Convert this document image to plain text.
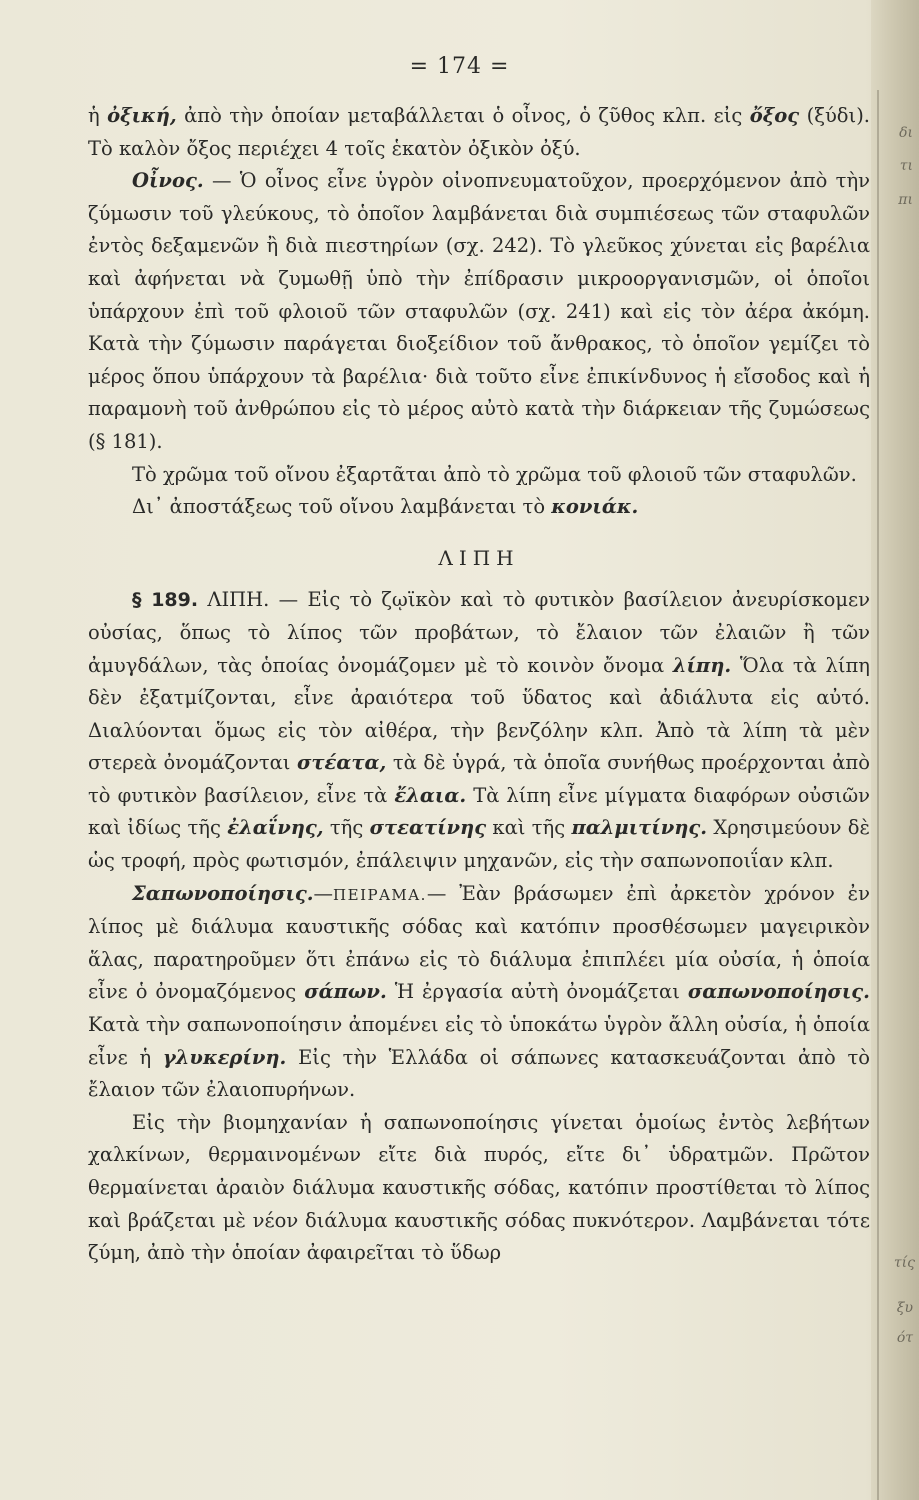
δι
τι
πι
τίς
ξυ
ότ
= 174 =

ἡ ὀξική, ἀπὸ τὴν ὁποίαν μεταβάλλεται ὁ οἶνος, ὁ ζῦθος κλπ. εἰς ὄξος (ξύδι). Τὸ καλὸν ὄξος περιέχει 4 τοῖς ἑκατὸν ὀξικὸν ὀξύ.

Οἶνος. — Ὁ οἶνος εἶνε ὑγρὸν οἰνοπνευματοῦχον, προερχόμενον ἀπὸ τὴν ζύμωσιν τοῦ γλεύκους, τὸ ὁποῖον λαμβάνεται διὰ συμπιέσεως τῶν σταφυλῶν ἐντὸς δεξαμενῶν ἢ διὰ πιεστηρίων (σχ. 242). Τὸ γλεῦκος χύνεται εἰς βαρέλια καὶ ἀφήνεται νὰ ζυμωθῇ ὑπὸ τὴν ἐπίδρασιν μικροοργανισμῶν, οἱ ὁποῖοι ὑπάρχουν ἐπὶ τοῦ φλοιοῦ τῶν σταφυλῶν (σχ. 241) καὶ εἰς τὸν ἀέρα ἀκόμη. Κατὰ τὴν ζύμωσιν παράγεται διοξείδιον τοῦ ἄνθρακος, τὸ ὁποῖον γεμίζει τὸ μέρος ὅπου ὑπάρχουν τὰ βαρέλια· διὰ τοῦτο εἶνε ἐπικίνδυνος ἡ εἴσοδος καὶ ἡ παραμονὴ τοῦ ἀνθρώπου εἰς τὸ μέρος αὐτὸ κατὰ τὴν διάρκειαν τῆς ζυμώσεως (§ 181).

Τὸ χρῶμα τοῦ οἴνου ἐξαρτᾶται ἀπὸ τὸ χρῶμα τοῦ φλοιοῦ τῶν σταφυλῶν.

Δι᾿ ἀποστάξεως τοῦ οἴνου λαμβάνεται τὸ κονιάκ.

ΛΙΠΗ

§ 189. ΛΙΠΗ. — Εἰς τὸ ζῳϊκὸν καὶ τὸ φυτικὸν βασίλειον ἀνευρίσκομεν οὐσίας, ὅπως τὸ λίπος τῶν προβάτων, τὸ ἔλαιον τῶν ἐλαιῶν ἢ τῶν ἀμυγδάλων, τὰς ὁποίας ὀνομάζομεν μὲ τὸ κοινὸν ὄνομα λίπη. Ὅλα τὰ λίπη δὲν ἐξατμίζονται, εἶνε ἀραιότερα τοῦ ὕδατος καὶ ἀδιάλυτα εἰς αὐτό. Διαλύονται ὅμως εἰς τὸν αἰθέρα, τὴν βενζόλην κλπ. Ἀπὸ τὰ λίπη τὰ μὲν στερεὰ ὀνομάζονται στέατα, τὰ δὲ ὑγρά, τὰ ὁποῖα συνήθως προέρχονται ἀπὸ τὸ φυτικὸν βασίλειον, εἶνε τὰ ἔλαια. Τὰ λίπη εἶνε μίγματα διαφόρων οὐσιῶν καὶ ἰδίως τῆς ἐλαΐνης, τῆς στεατίνης καὶ τῆς παλμιτίνης. Χρησιμεύουν δὲ ὡς τροφή, πρὸς φωτισμόν, ἐπάλειψιν μηχανῶν, εἰς τὴν σαπωνοποιΐαν κλπ.

Σαπωνοποίησις.—ΠΕΙΡΑΜΑ.— Ἐὰν βράσωμεν ἐπὶ ἀρκετὸν χρόνον ἐν λίπος μὲ διάλυμα καυστικῆς σόδας καὶ κατόπιν προσθέσωμεν μαγειρικὸν ἅλας, παρατηροῦμεν ὅτι ἐπάνω εἰς τὸ διάλυμα ἐπιπλέει μία οὐσία, ἡ ὁποία εἶνε ὁ ὀνομαζόμενος σάπων. Ἡ ἐργασία αὐτὴ ὀνομάζεται σαπωνοποίησις. Κατὰ τὴν σαπωνοποίησιν ἀπομένει εἰς τὸ ὑποκάτω ὑγρὸν ἄλλη οὐσία, ἡ ὁποία εἶνε ἡ γλυκερίνη. Εἰς τὴν Ἑλλάδα οἱ σάπωνες κατασκευάζονται ἀπὸ τὸ ἔλαιον τῶν ἐλαιοπυρήνων.

Εἰς τὴν βιομηχανίαν ἡ σαπωνοποίησις γίνεται ὁμοίως ἐντὸς λεβήτων χαλκίνων, θερμαινομένων εἴτε διὰ πυρός, εἴτε δι᾿ ὑδρατμῶν. Πρῶτον θερμαίνεται ἀραιὸν διάλυμα καυστικῆς σόδας, κατόπιν προστίθεται τὸ λίπος καὶ βράζεται μὲ νέον διάλυμα καυστικῆς σόδας πυκνότερον. Λαμβάνεται τότε ζύμη, ἀπὸ τὴν ὁποίαν ἀφαιρεῖται τὸ ὕδωρ
